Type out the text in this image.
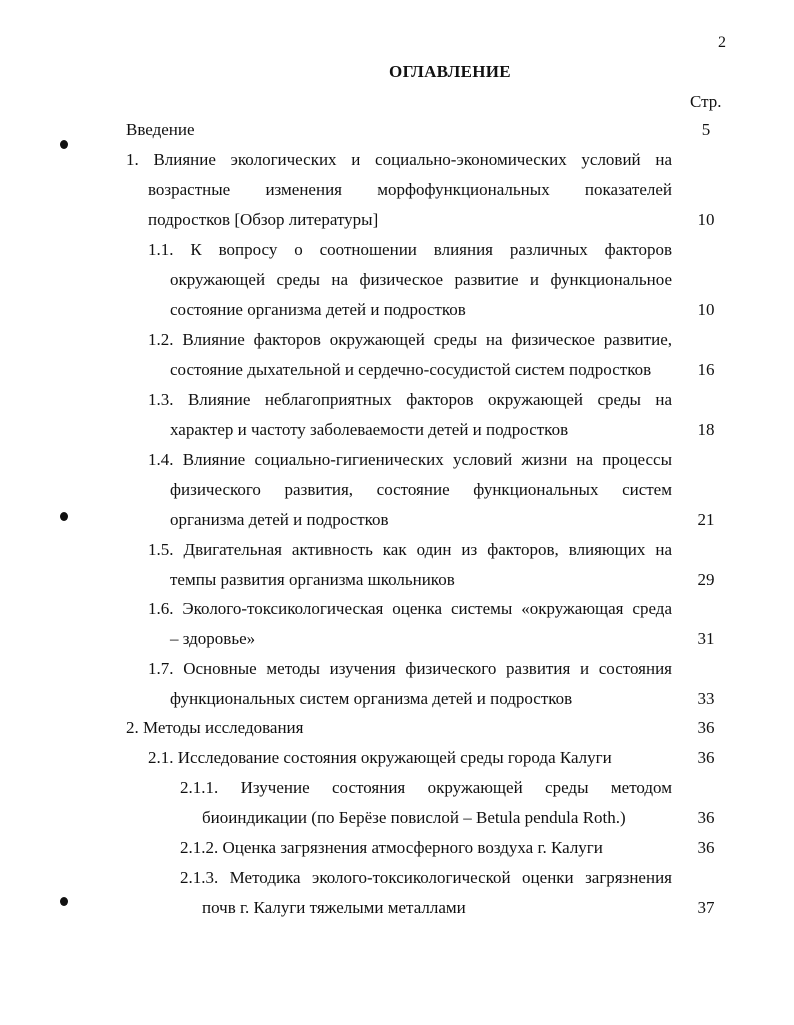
2
ОГЛАВЛЕНИЕ
Стр.
Введение	5
1. Влияние экологических и социально-экономических условий на
возрастные изменения морфофункциональных показателей
подростков [Обзор литературы]	10
1.1. К вопросу о соотношении влияния различных факторов
окружающей среды на физическое развитие и функциональное
состояние организма детей и подростков	10
1.2. Влияние факторов окружающей среды на физическое развитие,
состояние дыхательной и сердечно-сосудистой систем подростков	16
1.3. Влияние неблагоприятных факторов окружающей среды на
характер и частоту заболеваемости детей и подростков	18
1.4. Влияние социально-гигиенических условий жизни на процессы
физического развития, состояние функциональных систем
организма детей и подростков	21
1.5. Двигательная активность как один из факторов, влияющих на
темпы развития организма школьников	29
1.6. Эколого-токсикологическая оценка системы «окружающая среда
– здоровье»	31
1.7. Основные методы изучения физического развития и состояния
функциональных систем организма детей и подростков	33
2. Методы исследования	36
2.1. Исследование состояния окружающей среды города Калуги	36
2.1.1. Изучение состояния окружающей среды методом
биоиндикации (по Берёзе повислой – Betula pendula Roth.)	36
2.1.2. Оценка загрязнения атмосферного воздуха г. Калуги	36
2.1.3. Методика эколого-токсикологической оценки загрязнения
почв г. Калуги тяжелыми металлами	37
